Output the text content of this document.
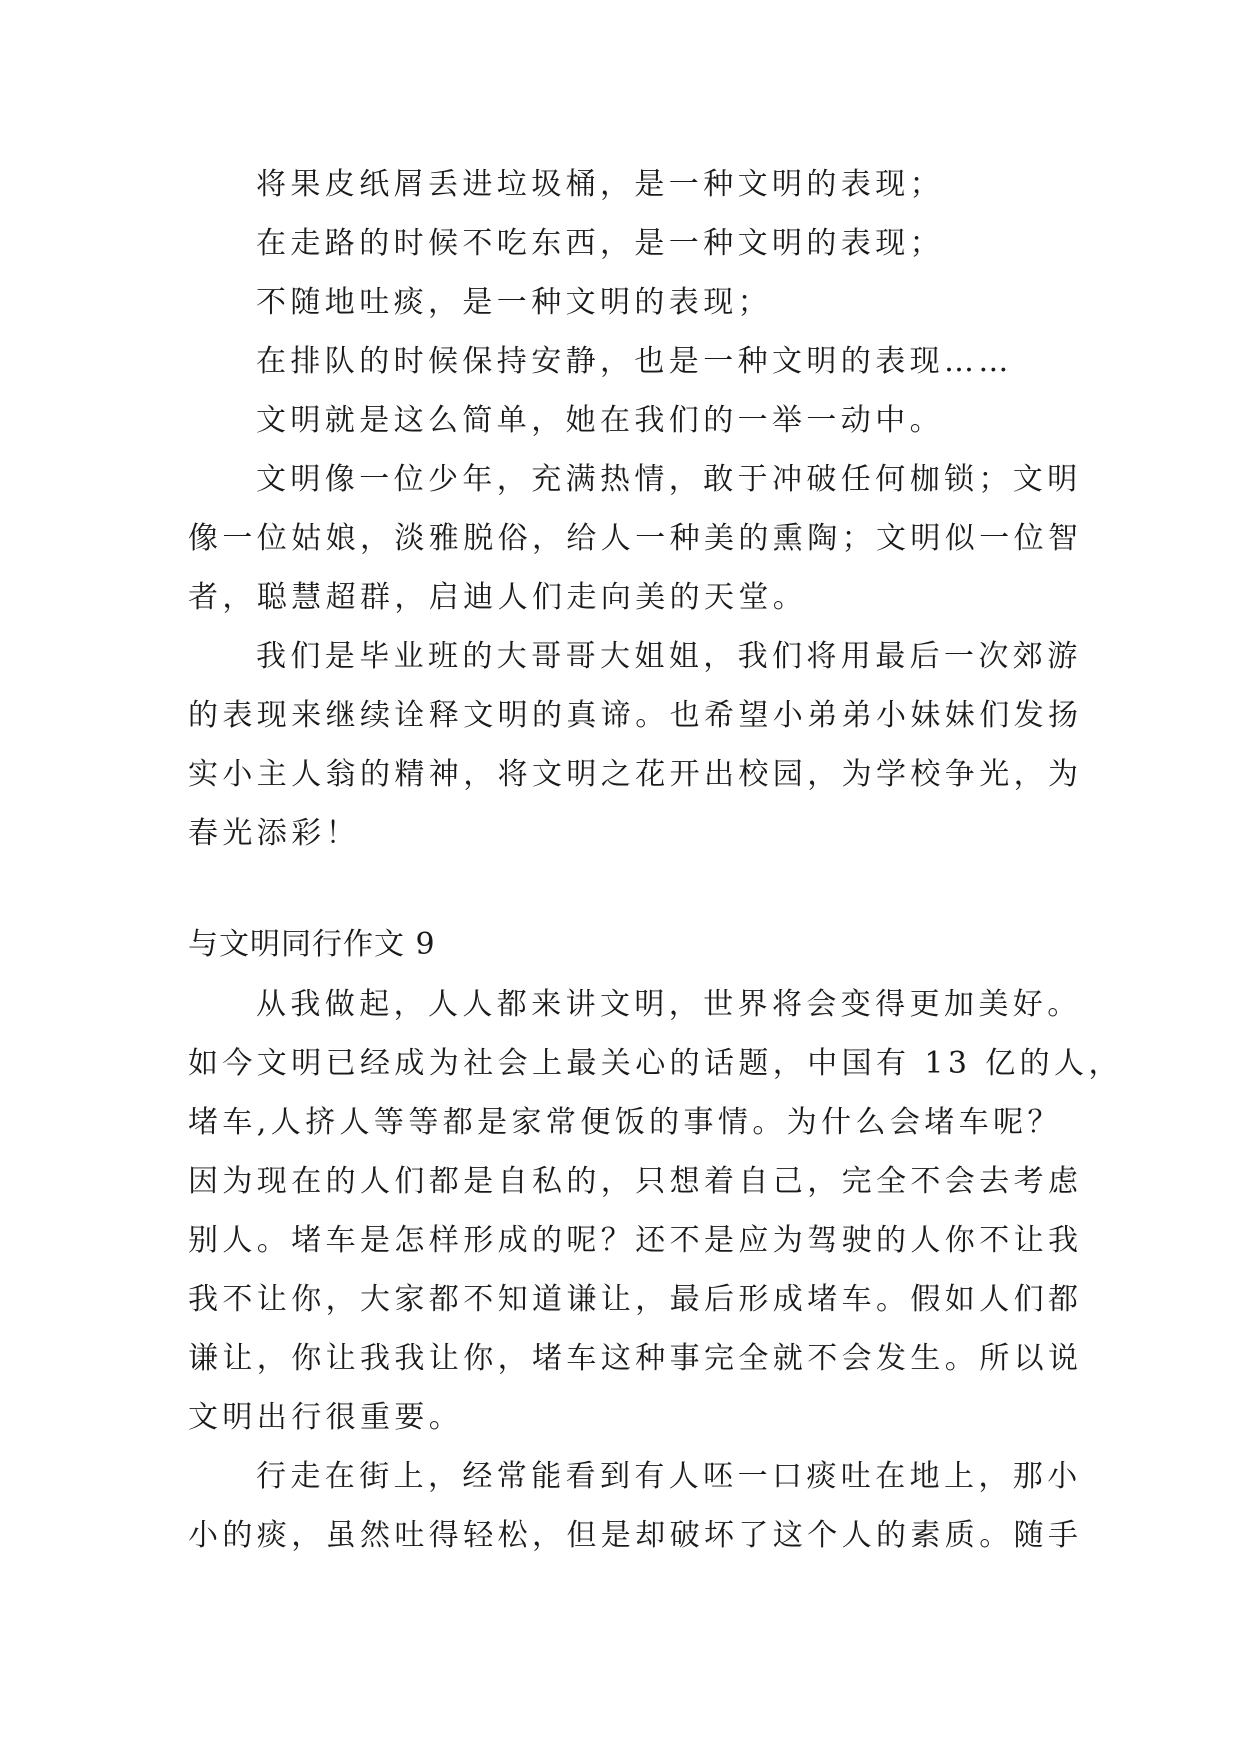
将果皮纸屑丢进垃圾桶，是一种文明的表现；
在走路的时候不吃东西，是一种文明的表现；
不随地吐痰，是一种文明的表现；
在排队的时候保持安静，也是一种文明的表现……
文明就是这么简单，她在我们的一举一动中。
文明像一位少年，充满热情，敢于冲破任何枷锁；文明
像一位姑娘，淡雅脱俗，给人一种美的熏陶；文明似一位智
者，聪慧超群，启迪人们走向美的天堂。
我们是毕业班的大哥哥大姐姐，我们将用最后一次郊游
的表现来继续诠释文明的真谛。也希望小弟弟小妹妹们发扬
实小主人翁的精神，将文明之花开出校园，为学校争光，为
春光添彩！
与文明同行作文 9
从我做起，人人都来讲文明，世界将会变得更加美好。
如今文明已经成为社会上最关心的话题，中国有 13 亿的人，
堵车,人挤人等等都是家常便饭的事情。为什么会堵车呢？
因为现在的人们都是自私的，只想着自己，完全不会去考虑
别人。堵车是怎样形成的呢？还不是应为驾驶的人你不让我
我不让你，大家都不知道谦让，最后形成堵车。假如人们都
谦让，你让我我让你，堵车这种事完全就不会发生。所以说
文明出行很重要。
行走在街上，经常能看到有人呸一口痰吐在地上，那小
小的痰，虽然吐得轻松，但是却破坏了这个人的素质。随手
